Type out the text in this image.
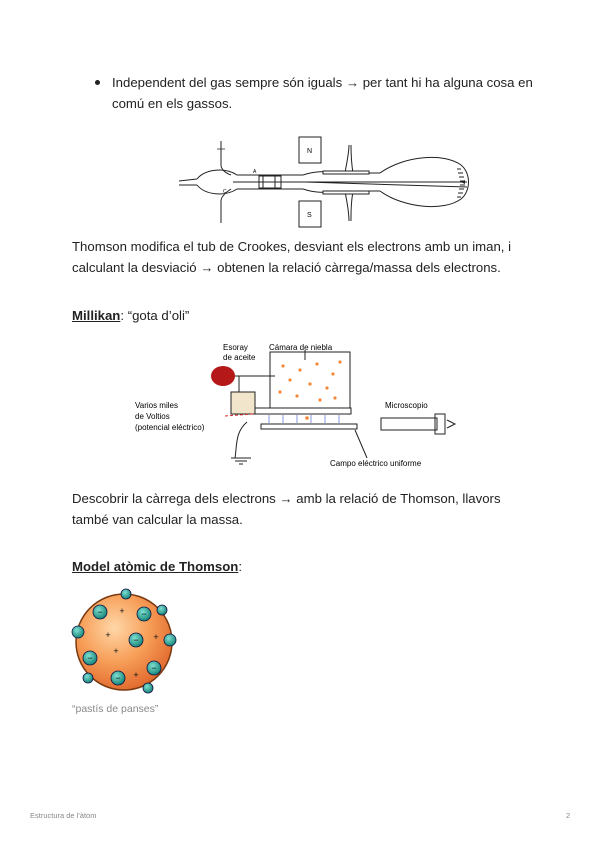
Independent del gas sempre són iguals → per tant hi ha alguna cosa en comú en els gassos.
N
S
A
C
Thomson modifica el tub de Crookes, desviant els electrons amb un iman, i calculant la desviació → obtenen la relació càrrega/massa dels electrons.
Millikan: “gota d’oli”
Esoray
de aceite
Cámara de niebla
Varios miles
de Voltios
(potencial eléctrico)
Microscopio
Campo eléctrico uniforme
Descobrir la càrrega dels electrons → amb la relació de Thomson, llavors també van calcular la massa.
Model atòmic de Thomson:
−	−
−
−
−
−
+
+	+
+
+
“pastís de panses”
Estructura de l'àtom	2
